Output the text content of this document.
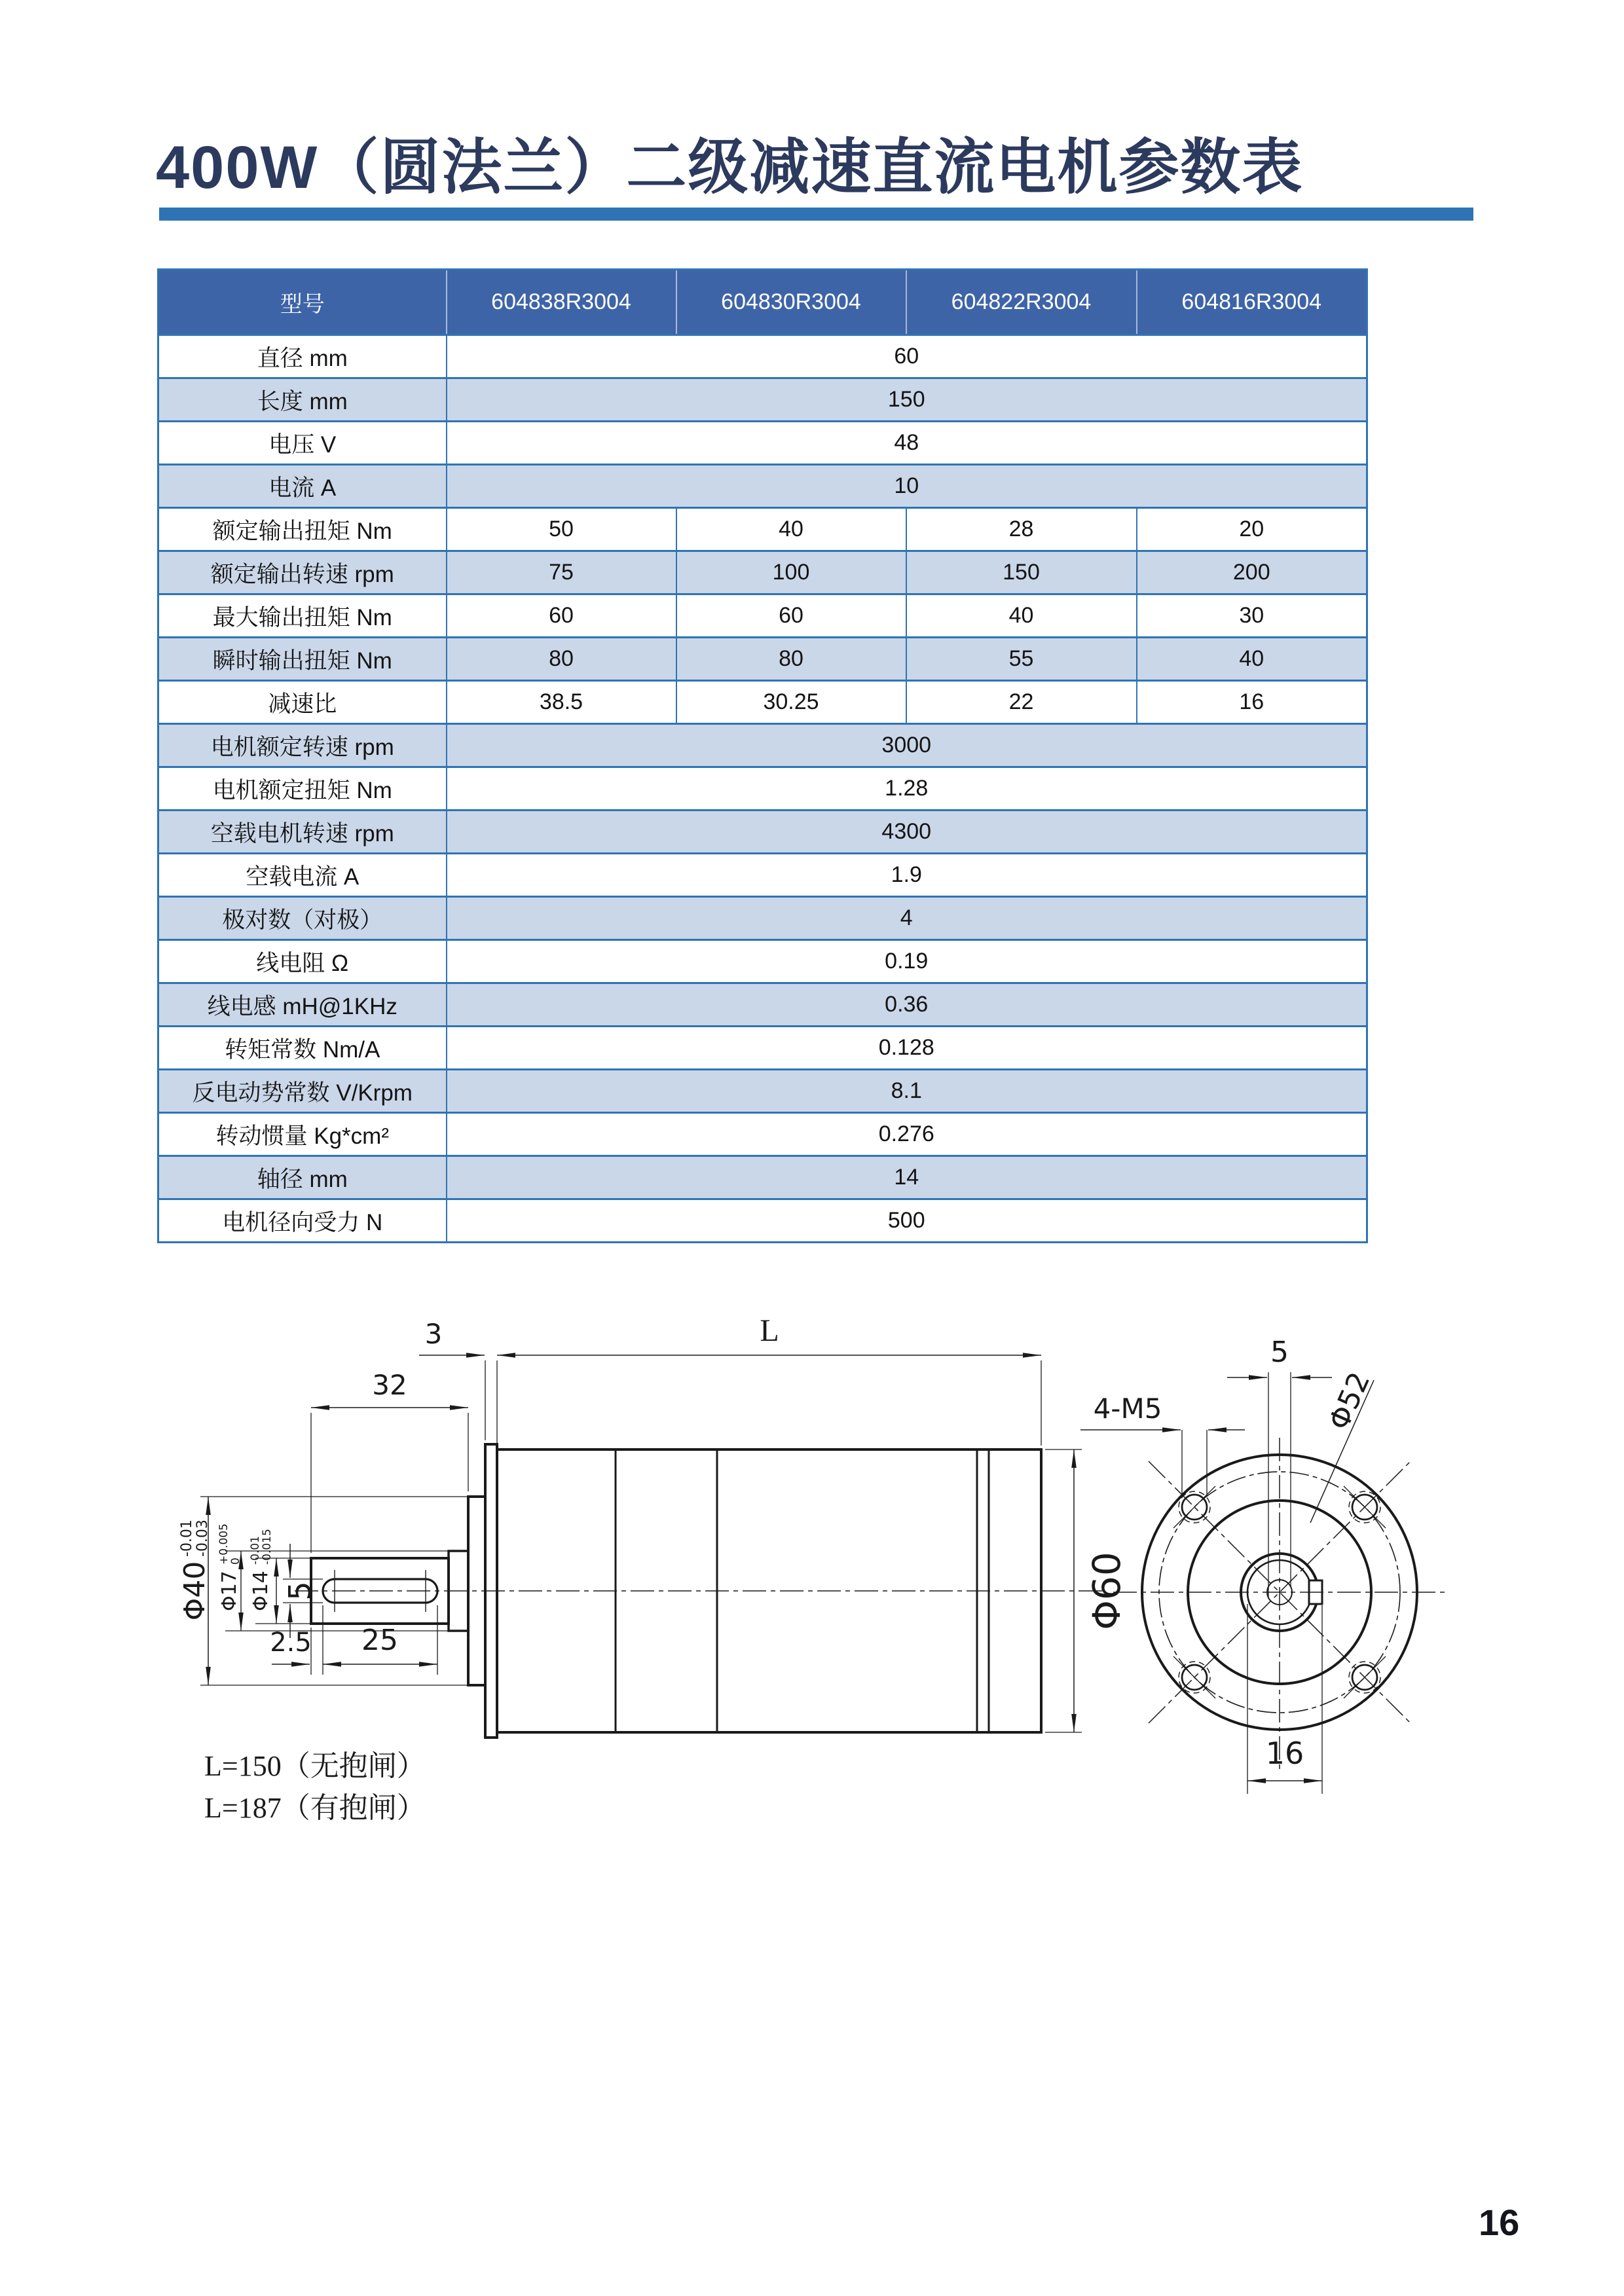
400W（圆法兰）二级减速直流电机参数表
型号	604838R3004	604830R3004	604822R3004	604816R3004
直径 mm	60			
长度 mm	150			
电压 V	48			
电流 A	10			
额定输出扭矩 Nm	50	40	28	20
额定输出转速 rpm	75	100	150	200
最大输出扭矩 Nm	60	60	40	30
瞬时输出扭矩 Nm	80	80	55	40
减速比	38.5	30.25	22	16
电机额定转速 rpm	3000			
电机额定扭矩 Nm	1.28			
空载电机转速 rpm	4300			
空载电流 A	1.9			
极对数（对极）	4			
线电阻 Ω	0.19			
线电感 mH@1KHz	0.36			
转矩常数 Nm/A	0.128			
反电动势常数 V/Krpm	8.1			
转动惯量 Kg*cm²	0.276			
轴径 mm	14			
电机径向受力 N	500			
3	L
32
2.5 25
Φ40
-0.01 -0.03
Φ17
+0.005
0
Φ14
-0.01
-0.015
5	Φ60
5
4-M5	Φ52
16
L=150（无抱闸）
L=187（有抱闸）
16
